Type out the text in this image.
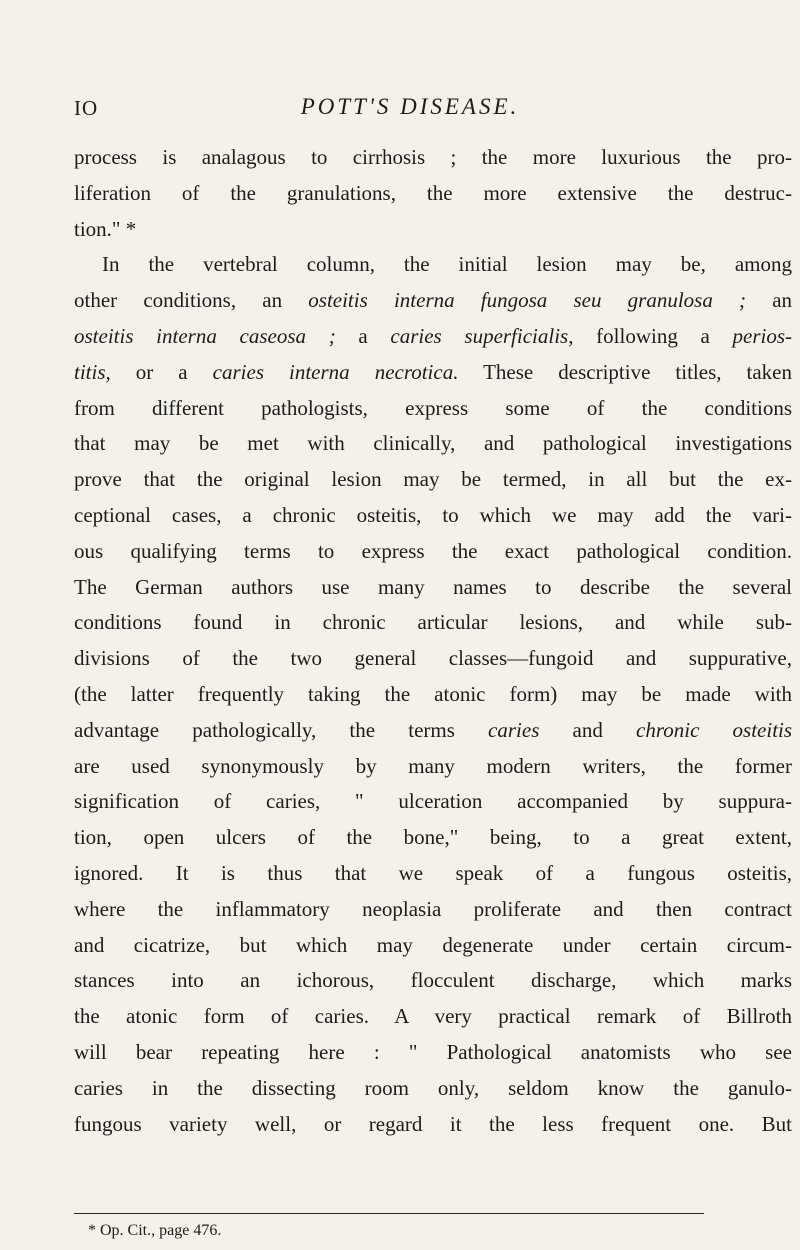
IO	POTT'S DISEASE.
process is analagous to cirrhosis ; the more luxurious the pro-
liferation of the granulations, the more extensive the destruc-
tion." *
In the vertebral column, the initial lesion may be, among
other conditions, an osteitis interna fungosa seu granulosa ; an
osteitis interna caseosa ; a caries superficialis, following a perios-
titis, or a caries interna necrotica. These descriptive titles, taken
from different pathologists, express some of the conditions
that may be met with clinically, and pathological investigations
prove that the original lesion may be termed, in all but the ex-
ceptional cases, a chronic osteitis, to which we may add the vari-
ous qualifying terms to express the exact pathological condition.
The German authors use many names to describe the several
conditions found in chronic articular lesions, and while sub-
divisions of the two general classes—fungoid and suppurative,
(the latter frequently taking the atonic form) may be made with
advantage pathologically, the terms caries and chronic osteitis
are used synonymously by many modern writers, the former
signification of caries, " ulceration accompanied by suppura-
tion, open ulcers of the bone," being, to a great extent,
ignored. It is thus that we speak of a fungous osteitis,
where the inflammatory neoplasia proliferate and then contract
and cicatrize, but which may degenerate under certain circum-
stances into an ichorous, flocculent discharge, which marks
the atonic form of caries. A very practical remark of Billroth
will bear repeating here : " Pathological anatomists who see
caries in the dissecting room only, seldom know the ganulo-
fungous variety well, or regard it the less frequent one. But
* Op. Cit., page 476.
